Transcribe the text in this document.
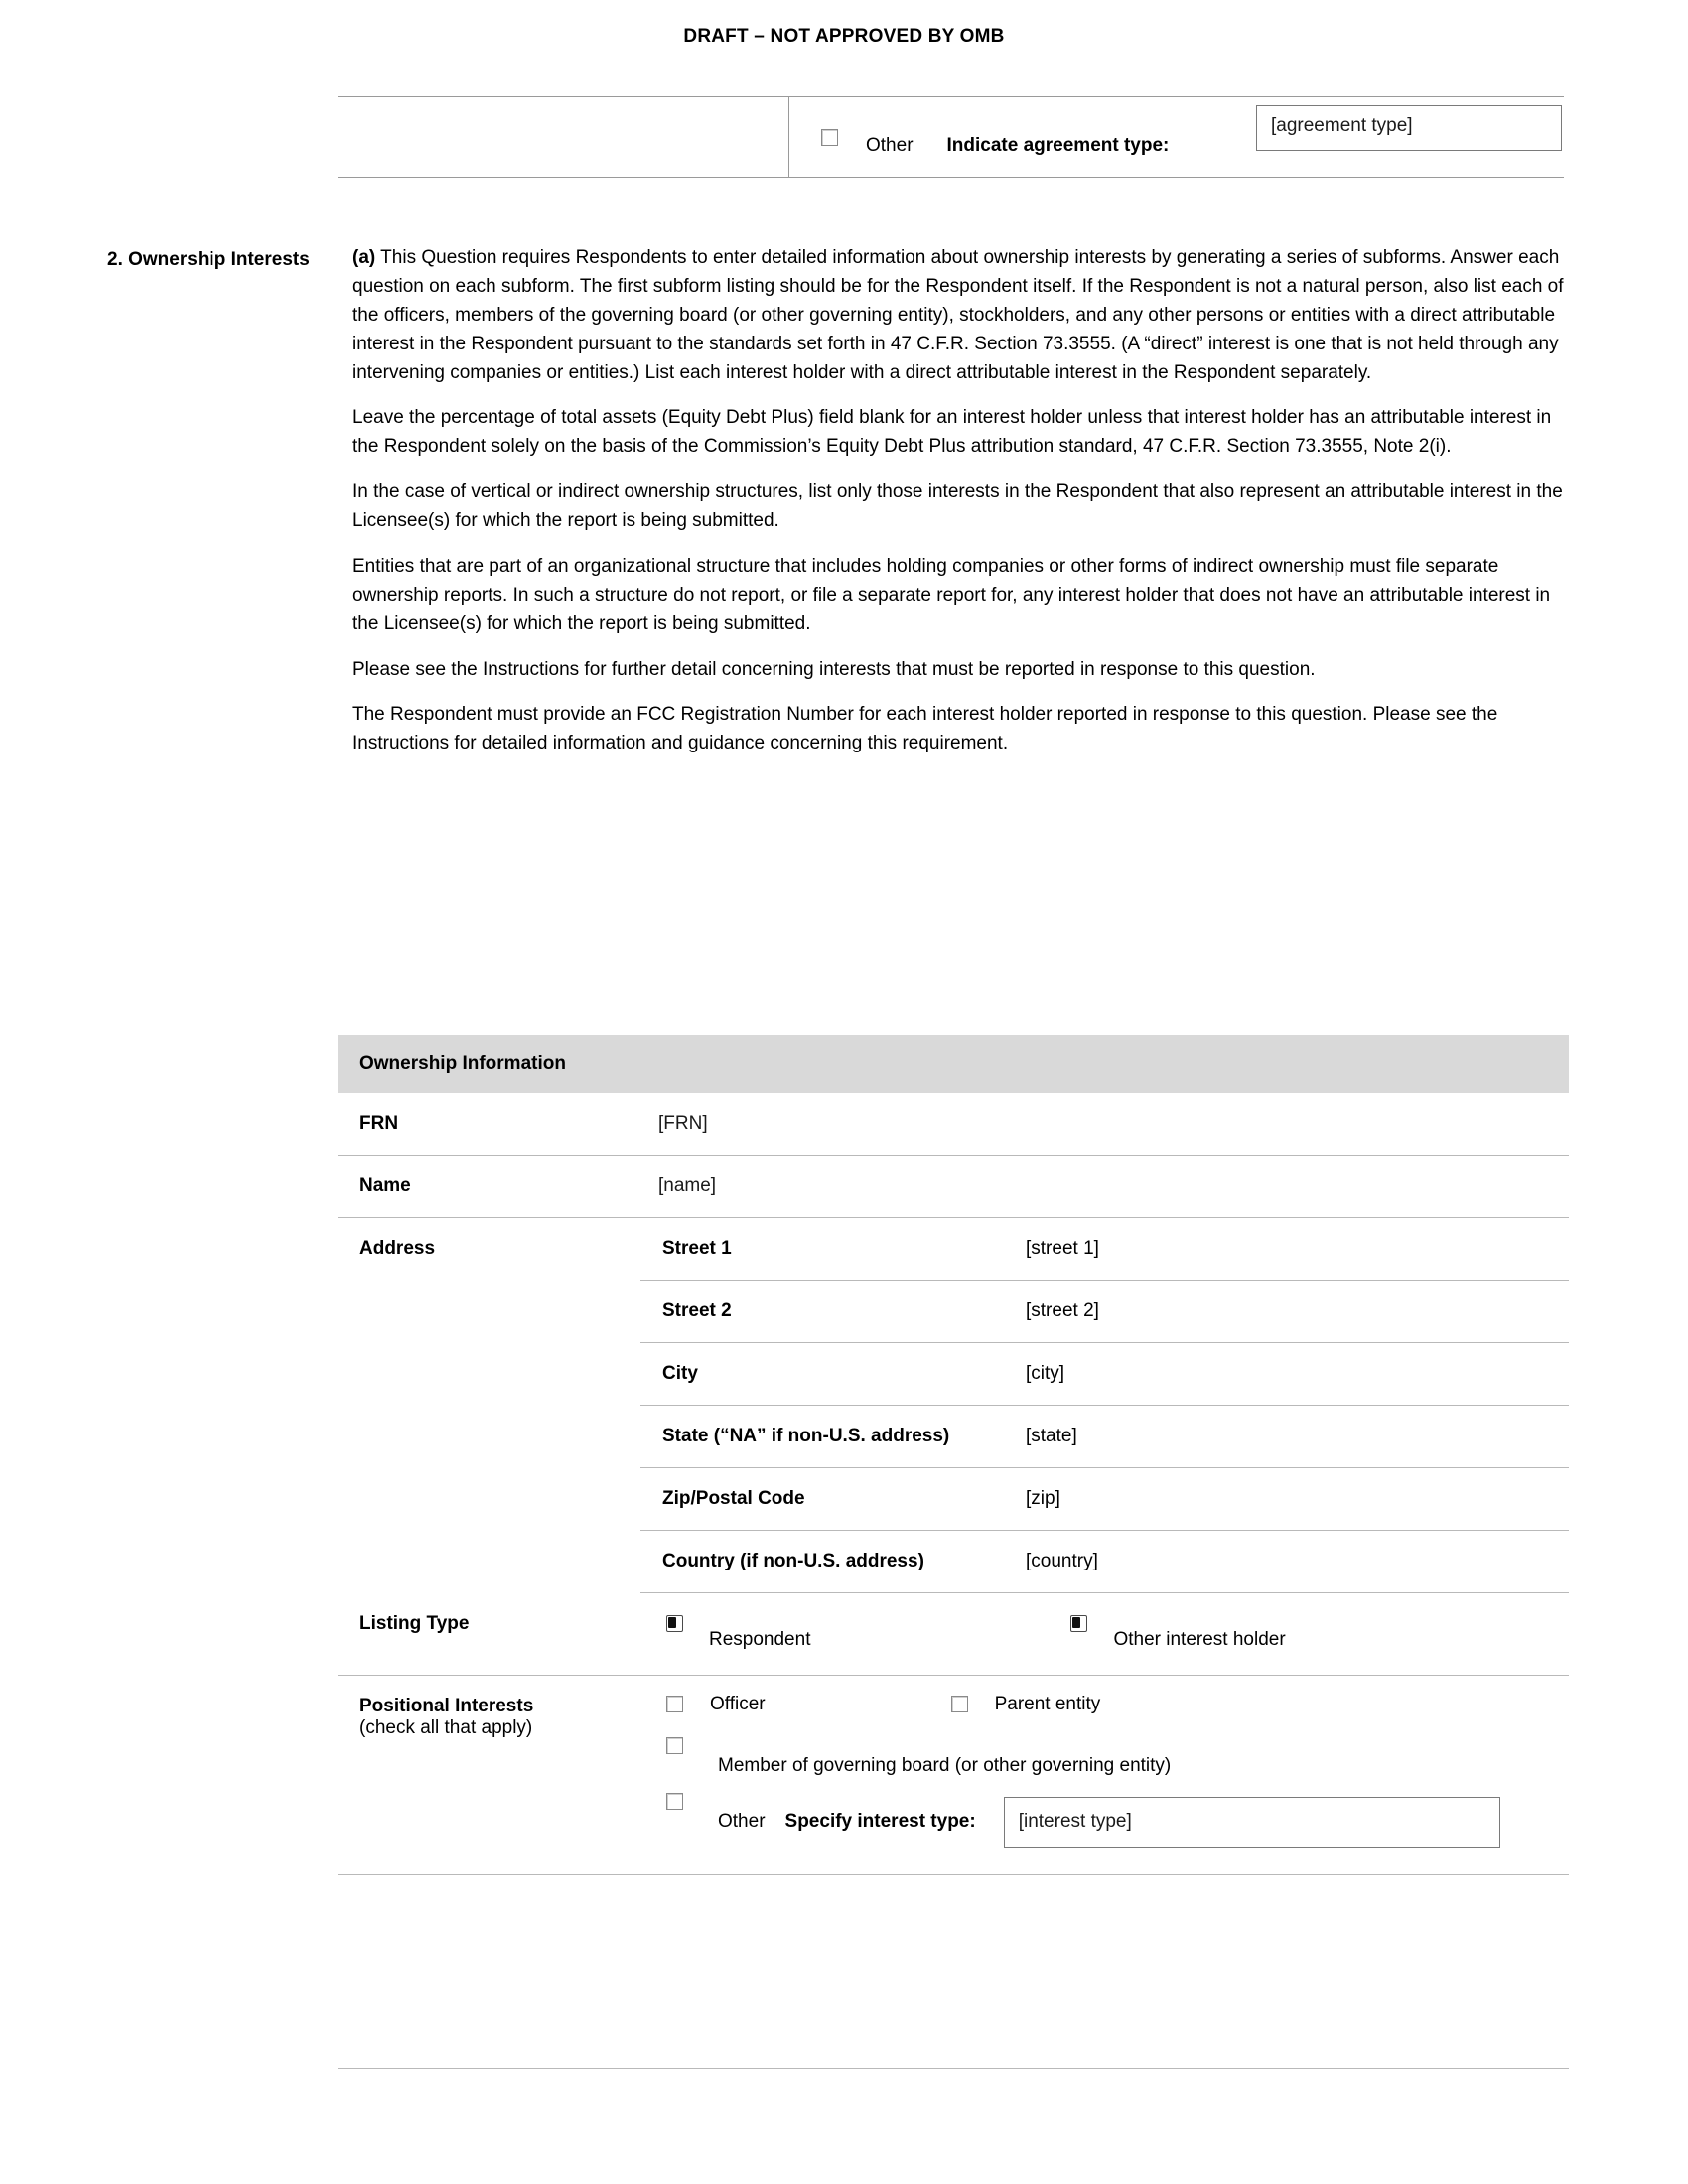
DRAFT – NOT APPROVED BY OMB
Other Indicate agreement type:
[agreement type]
2. Ownership Interests	(a) This Question requires Respondents to enter detailed information about ownership interests by generating a series of subforms. Answer each question on each subform. The first subform listing should be for the Respondent itself. If the Respondent is not a natural person, also list each of the officers, members of the governing board (or other governing entity), stockholders, and any other persons or entities with a direct attributable interest in the Respondent pursuant to the standards set forth in 47 C.F.R. Section 73.3555. (A “direct” interest is one that is not held through any intervening companies or entities.) List each interest holder with a direct attributable interest in the Respondent separately.

Leave the percentage of total assets (Equity Debt Plus) field blank for an interest holder unless that interest holder has an attributable interest in the Respondent solely on the basis of the Commission’s Equity Debt Plus attribution standard, 47 C.F.R. Section 73.3555, Note 2(i).

In the case of vertical or indirect ownership structures, list only those interests in the Respondent that also represent an attributable interest in the Licensee(s) for which the report is being submitted.

Entities that are part of an organizational structure that includes holding companies or other forms of indirect ownership must file separate ownership reports. In such a structure do not report, or file a separate report for, any interest holder that does not have an attributable interest in the Licensee(s) for which the report is being submitted.

Please see the Instructions for further detail concerning interests that must be reported in response to this question.

The Respondent must provide an FCC Registration Number for each interest holder reported in response to this question. Please see the Instructions for detailed information and guidance concerning this requirement.

Ownership Information
FRN	[FRN]
Name	[name]
Address		Street 1	[street 1]
Street 2	[street 2]
City	[city]
State (“NA” if non-U.S. address)	[state]
Zip/Postal Code	[zip]
Country (if non-U.S. address)	[country]

Listing Type	
Respondent	Other interest holder

Positional Interests
(check all that apply)	
Officer	Parent entity
Member of governing board (or other governing entity)
Other Specify interest type:	[interest type]
